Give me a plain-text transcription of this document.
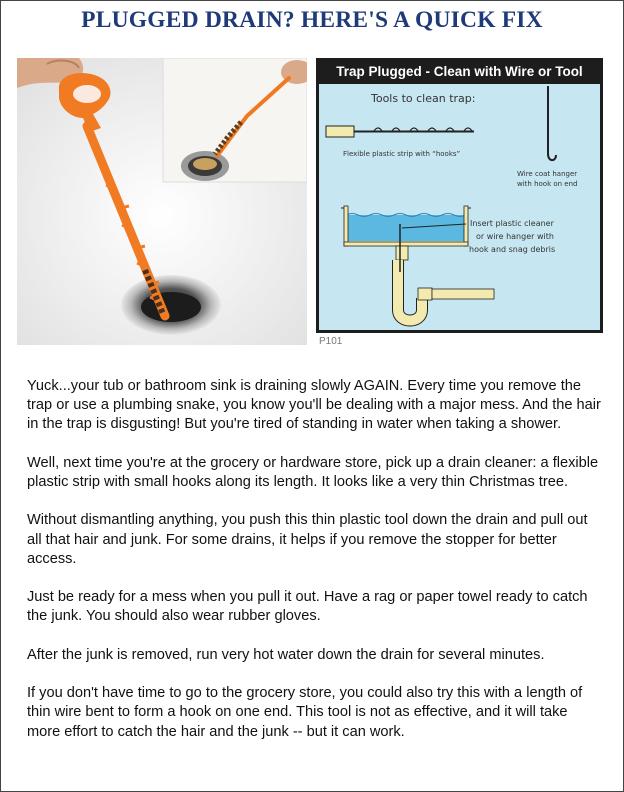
PLUGGED DRAIN? HERE'S A QUICK FIX
Trap Plugged - Clean with Wire or Tool
Tools to clean trap:
Flexible plastic strip with “hooks”
Wire coat hanger
with hook on end
Insert plastic cleaner
or wire hanger with
hook and snag debris
P101

Yuck...your tub or bathroom sink is draining slowly AGAIN. Every time you remove the trap or use a plumbing snake, you know you'll be dealing with a major mess. And the hair in the trap is disgusting! But you're tired of standing in water when taking a shower.

Well, next time you're at the grocery or hardware store, pick up a drain cleaner: a flexible plastic strip with small hooks along its length. It looks like a very thin Christmas tree.

Without dismantling anything, you push this thin plastic tool down the drain and pull out all that hair and junk. For some drains, it helps if you remove the stopper for better access.

Just be ready for a mess when you pull it out. Have a rag or paper towel ready to catch the junk. You should also wear rubber gloves.

After the junk is removed, run very hot water down the drain for several minutes.

If you don't have time to go to the grocery store, you could also try this with a length of thin wire bent to form a hook on one end. This tool is not as effective, and it will take more effort to catch the hair and the junk -- but it can work.
